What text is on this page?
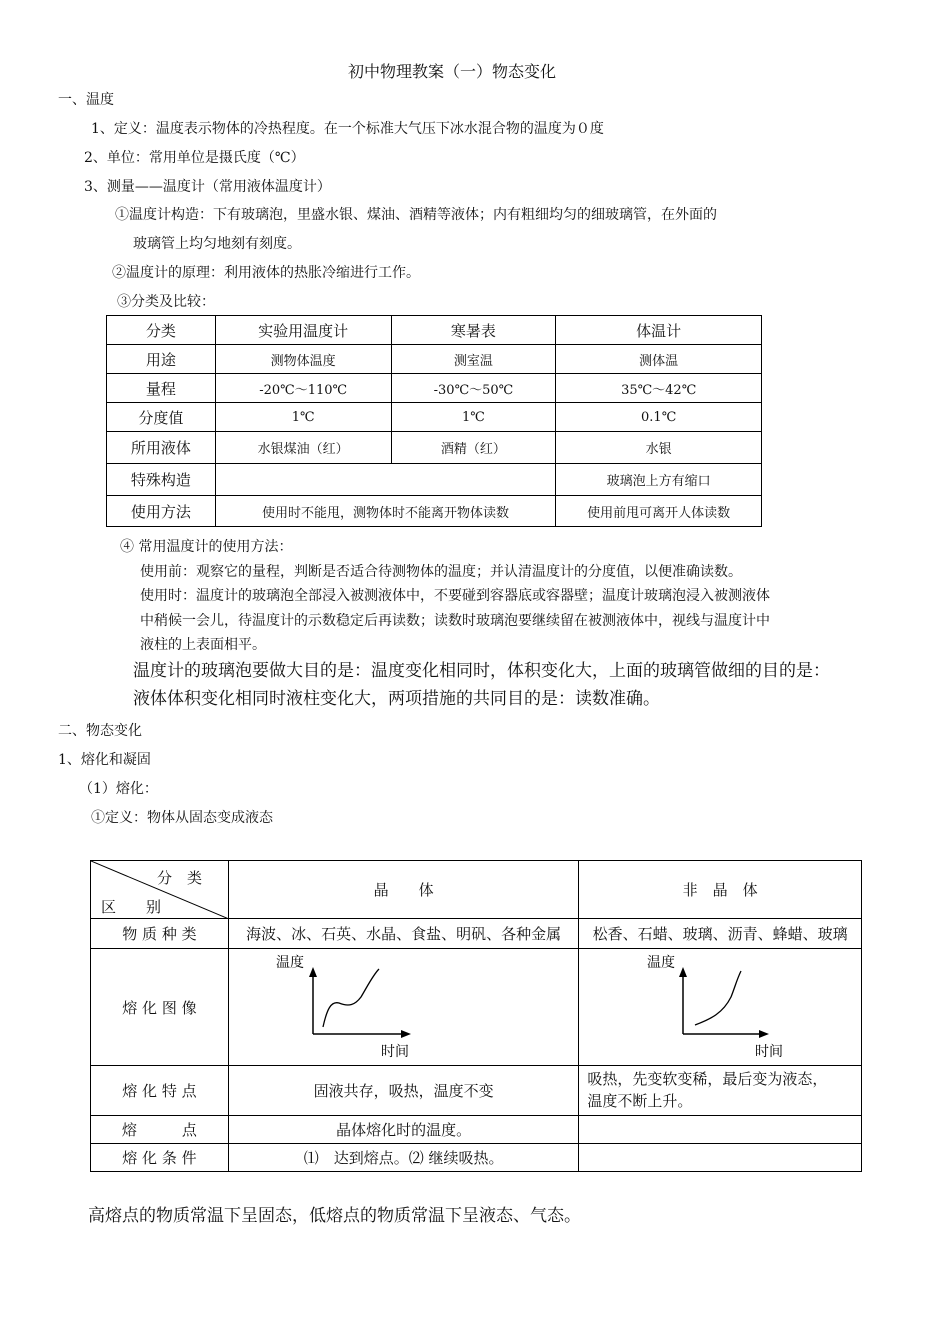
初中物理教案（一）物态变化
一、温度
1、定义：温度表示物体的冷热程度。在一个标准大气压下冰水混合物的温度为０度
2、单位：常用单位是摄氏度（℃）
3、测量——温度计（常用液体温度计）
①温度计构造：下有玻璃泡，里盛水银、煤油、酒精等液体；内有粗细均匀的细玻璃管，在外面的
玻璃管上均匀地刻有刻度。
②温度计的原理：利用液体的热胀冷缩进行工作。
③分类及比较：
分类	实验用温度计	寒暑表	体温计
用途	测物体温度	测室温	测体温
量程	-20℃～110℃	-30℃～50℃	35℃～42℃
分度值	1℃	1℃	0.1℃
所用液体	水银煤油（红）	酒精（红）	水银
特殊构造			玻璃泡上方有缩口
使用方法	使用时不能甩，测物体时不能离开物体读数		使用前甩可离开人体读数
④ 常用温度计的使用方法：
使用前：观察它的量程，判断是否适合待测物体的温度；并认清温度计的分度值，以便准确读数。
使用时：温度计的玻璃泡全部浸入被测液体中，不要碰到容器底或容器壁；温度计玻璃泡浸入被测液体
中稍候一会儿，待温度计的示数稳定后再读数；读数时玻璃泡要继续留在被测液体中，视线与温度计中
液柱的上表面相平。
温度计的玻璃泡要做大目的是：温度变化相同时，体积变化大，上面的玻璃管做细的目的是：
液体体积变化相同时液柱变化大，两项措施的共同目的是：读数准确。
二、物态变化
1、熔化和凝固
（1）熔化：
①定义：物体从固态变成液态
分　类
区　　别	晶　　体	非　晶　体
物 质 种 类	海波、冰、石英、水晶、食盐、明矾、各种金属	松香、石蜡、玻璃、沥青、蜂蜡、玻璃
熔 化 图 像	温度
时间	温度
时间

熔 化 特 点	固液共存，吸热，温度不变	吸热，先变软变稀，最后变为液态，
温度不断上升。

熔　　　点	晶体熔化时的温度。	
熔 化 条 件	⑴　达到熔点。⑵ 继续吸热。	
高熔点的物质常温下呈固态，低熔点的物质常温下呈液态、气态。
